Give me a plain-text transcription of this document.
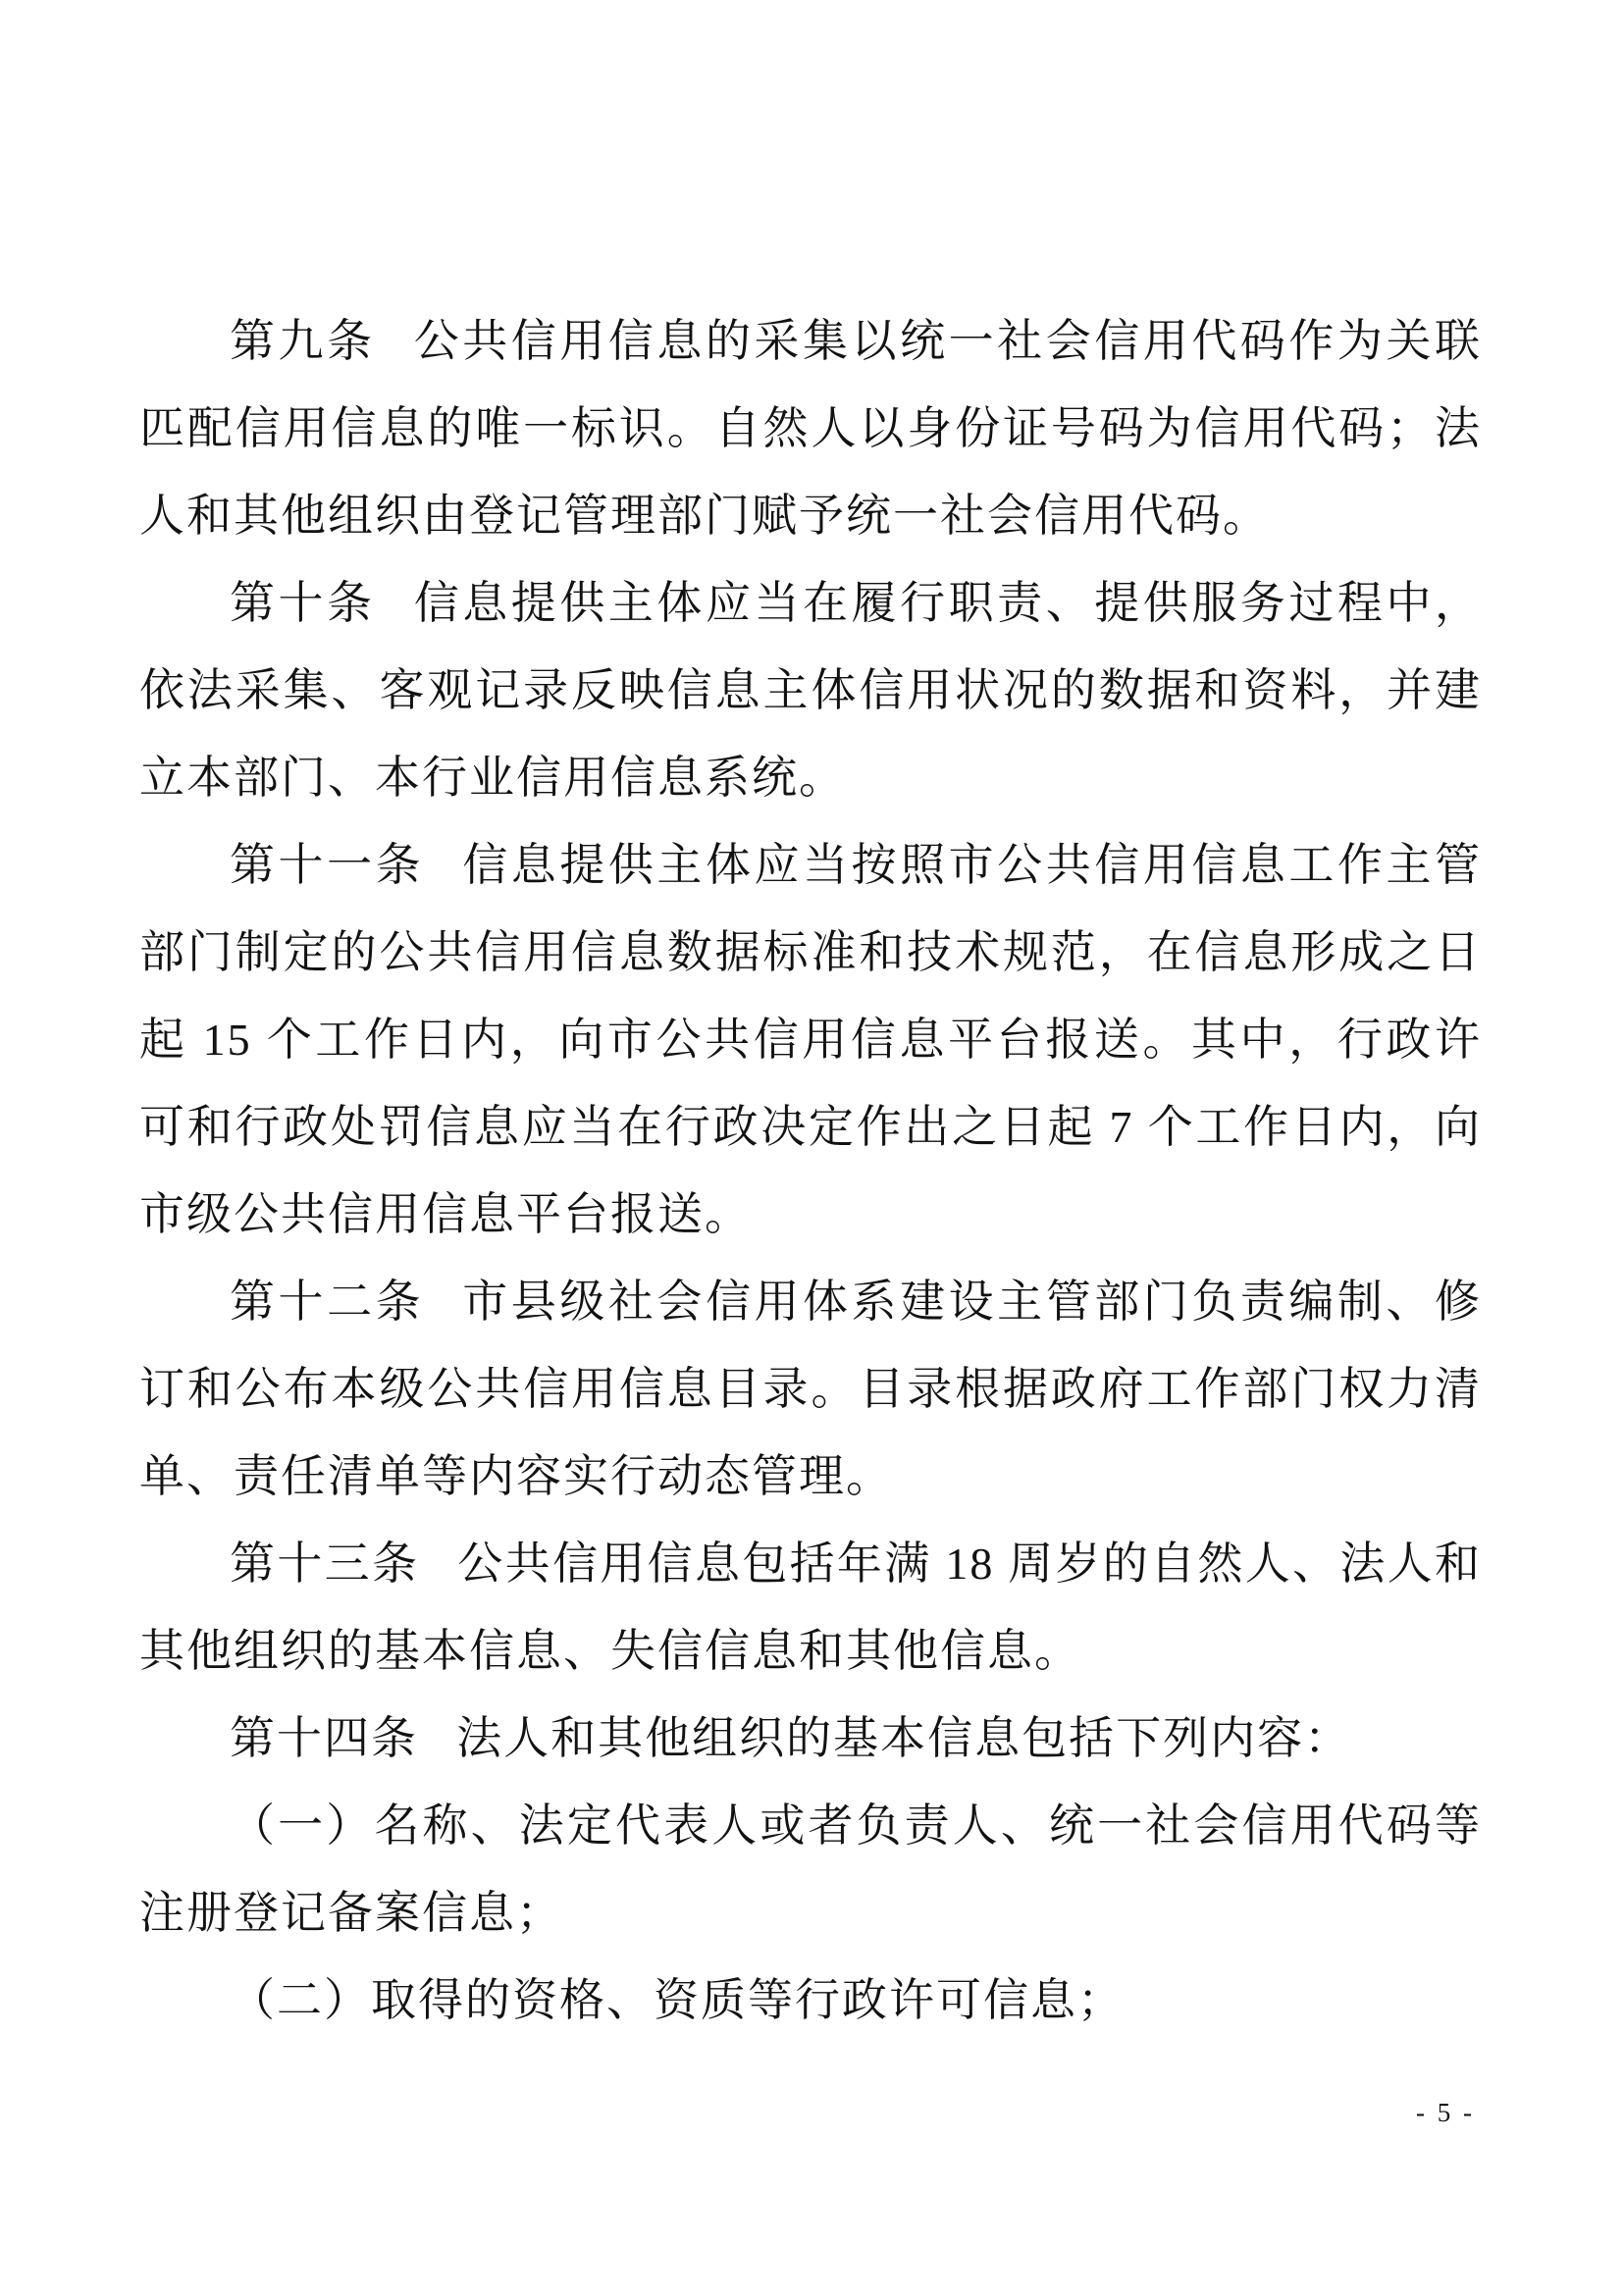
第九条 公共信用信息的采集以统一社会信用代码作为关联匹配信用信息的唯一标识。自然人以身份证号码为信用代码；法人和其他组织由登记管理部门赋予统一社会信用代码。

第十条 信息提供主体应当在履行职责、提供服务过程中，依法采集、客观记录反映信息主体信用状况的数据和资料，并建立本部门、本行业信用信息系统。

第十一条 信息提供主体应当按照市公共信用信息工作主管部门制定的公共信用信息数据标准和技术规范，在信息形成之日起 15 个工作日内，向市公共信用信息平台报送。其中，行政许可和行政处罚信息应当在行政决定作出之日起 7 个工作日内，向市级公共信用信息平台报送。

第十二条 市县级社会信用体系建设主管部门负责编制、修订和公布本级公共信用信息目录。目录根据政府工作部门权力清单、责任清单等内容实行动态管理。

第十三条 公共信用信息包括年满 18 周岁的自然人、法人和其他组织的基本信息、失信信息和其他信息。

第十四条 法人和其他组织的基本信息包括下列内容：

（一）名称、法定代表人或者负责人、统一社会信用代码等注册登记备案信息；

（二）取得的资格、资质等行政许可信息；

- 5 -
